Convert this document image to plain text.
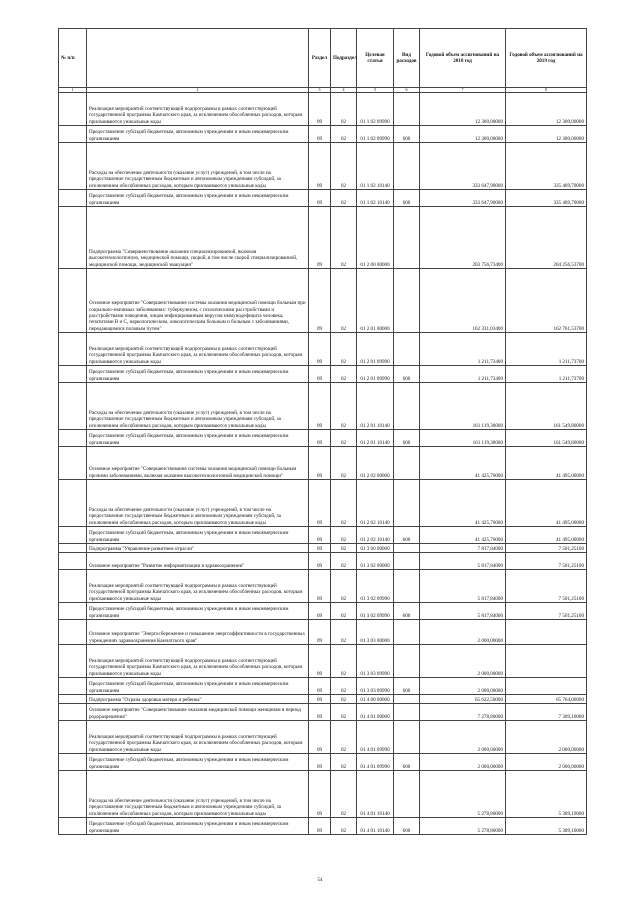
№ п/п		Раздел	Подраздел	Целевая статья	Вид расходов	Годовой объем ассигнований на 2018 год	Годовой объем ассигнований на 2019 год
1	2	3	4	5	6	7	8

	Реализация мероприятий соответствующей подпрограммы в рамках соответствующей государственной программы Камчатского края, за исключением обособленных расходов, которым присваиваются уникальные коды	09	02	01 1 02 09990		12 300,00000	12 300,00000

	Предоставление субсидий бюджетным, автономным учреждениям и иным некоммерческим организациям	09	02	01 1 02 09990	600	12 300,00000	12 300,00000

	Расходы на обеспечение деятельности (оказание услуг) учреждений, в том числе на предоставление государственным бюджетным и автономным учреждениям субсидий, за исключением обособленных расходов, которым присваиваются уникальные коды	09	02	01 1 02 10140		333 647,90000	335 469,70000

	Предоставление субсидий бюджетным, автономным учреждениям и иным некоммерческим организациям	09	02	01 1 02 10140	600	333 647,90000	335 469,70000

	Подпрограмма "Совершенствование оказания специализированной, включая высокотехнологичную, медицинской помощи, скорой, в том числе скорой специализированной, медицинской помощи, медицинской эвакуации"	09	02	01 2 00 00000		203 756,73400	204 256,53700

	Основное мероприятие "Совершенствование системы оказания медицинской помощи больным при социально-значимых заболеваниях: туберкулезом, с психическими расстройствами и расстройствами поведения, лицам инфицированным вирусом иммунодефицита человека, гепатитами В и С, наркологическим, онкологическим больным и больным с заболеваниями, передающимися половым путем"	09	02	01 2 01 00000		162 331,03400	162 761,53700

	Реализация мероприятий соответствующей подпрограммы в рамках соответствующей государственной программы Камчатского края, за исключением обособленных расходов, которым присваиваются уникальные коды	09	02	01 2 01 09990		1 211,73400	1 211,73700

	Предоставление субсидий бюджетным, автономным учреждениям и иным некоммерческим организациям	09	02	01 2 01 09990	600	1 211,73400	1 211,73700

	Расходы на обеспечение деятельности (оказание услуг) учреждений, в том числе на предоставление государственным бюджетным и автономным учреждениям субсидий, за исключением обособленных расходов, которым присваиваются уникальные коды	09	02	01 2 01 10140		161 119,30000	161 549,80000

	Предоставление субсидий бюджетным, автономным учреждениям и иным некоммерческим организациям	09	02	01 2 01 10140	600	161 119,30000	161 549,80000

	Основное мероприятие "Совершенствование системы оказания медицинской помощи больным прочими заболеваниями, включая оказание высокотехнологичной медицинской помощи"	09	02	01 2 02 00000		41 425,70000	41 495,00000

	Расходы на обеспечение деятельности (оказание услуг) учреждений, в том числе на предоставление государственным бюджетным и автономным учреждениям субсидий, за исключением обособленных расходов, которым присваиваются уникальные коды	09	02	01 2 02 10140		41 425,70000	41 495,00000

	Предоставление субсидий бюджетным, автономным учреждениям и иным некоммерческим организациям	09	02	01 2 02 10140	600	41 425,70000	41 495,00000

	Подпрограмма "Управление развитием отрасли"	09	02	01 3 00 00000		7 817,84000	7 501,25100

	Основное мероприятие "Развитие информатизации в здравоохранении"	09	02	01 3 02 00000		5 817,84000	7 501,25100

	Реализация мероприятий соответствующей подпрограммы в рамках соответствующей государственной программы Камчатского края, за исключением обособленных расходов, которым присваиваются уникальные коды	09	02	01 3 02 09990		5 817,84000	7 501,25100

	Предоставление субсидий бюджетным, автономным учреждениям и иным некоммерческим организациям	09	02	01 3 02 09990	600	5 817,84000	7 501,25100

	Основное мероприятие "Энергосбережение и повышение энергоэффективности в государственных учреждениях здравоохранения Камчатского края"	09	02	01 3 03 00000		2 000,00000	

	Реализация мероприятий соответствующей подпрограммы в рамках соответствующей государственной программы Камчатского края, за исключением обособленных расходов, которым присваиваются уникальные коды	09	02	01 3 03 09990		2 000,00000	

	Предоставление субсидий бюджетным, автономным учреждениям и иным некоммерческим организациям	09	02	01 3 03 09990	600	2 000,00000	

	Подпрограмма "Охрана здоровья матери и ребенка"	09	02	01 4 00 00000		65 622,50000	65 764,00000

	Основное мероприятие "Совершенствование оказания медицинской помощи женщинам в период родоразрешения"	09	02	01 4 01 00000		7 278,80000	7 309,10000

	Реализация мероприятий соответствующей подпрограммы в рамках соответствующей государственной программы Камчатского края, за исключением обособленных расходов, которым присваиваются уникальные коды	09	02	01 4 01 09990		2 000,00000	2 000,00000

	Предоставление субсидий бюджетным, автономным учреждениям и иным некоммерческим организациям	09	02	01 4 01 09990	600	2 000,00000	2 000,00000

	Расходы на обеспечение деятельности (оказание услуг) учреждений, в том числе на предоставление государственным бюджетным и автономным учреждениям субсидий, за исключением обособленных расходов, которым присваиваются уникальные коды	09	02	01 4 01 10140		5 278,80000	5 309,10000

	Предоставление субсидий бюджетным, автономным учреждениям и иным некоммерческим организациям	09	02	01 4 01 10140	600	5 278,80000	5 309,10000
54
